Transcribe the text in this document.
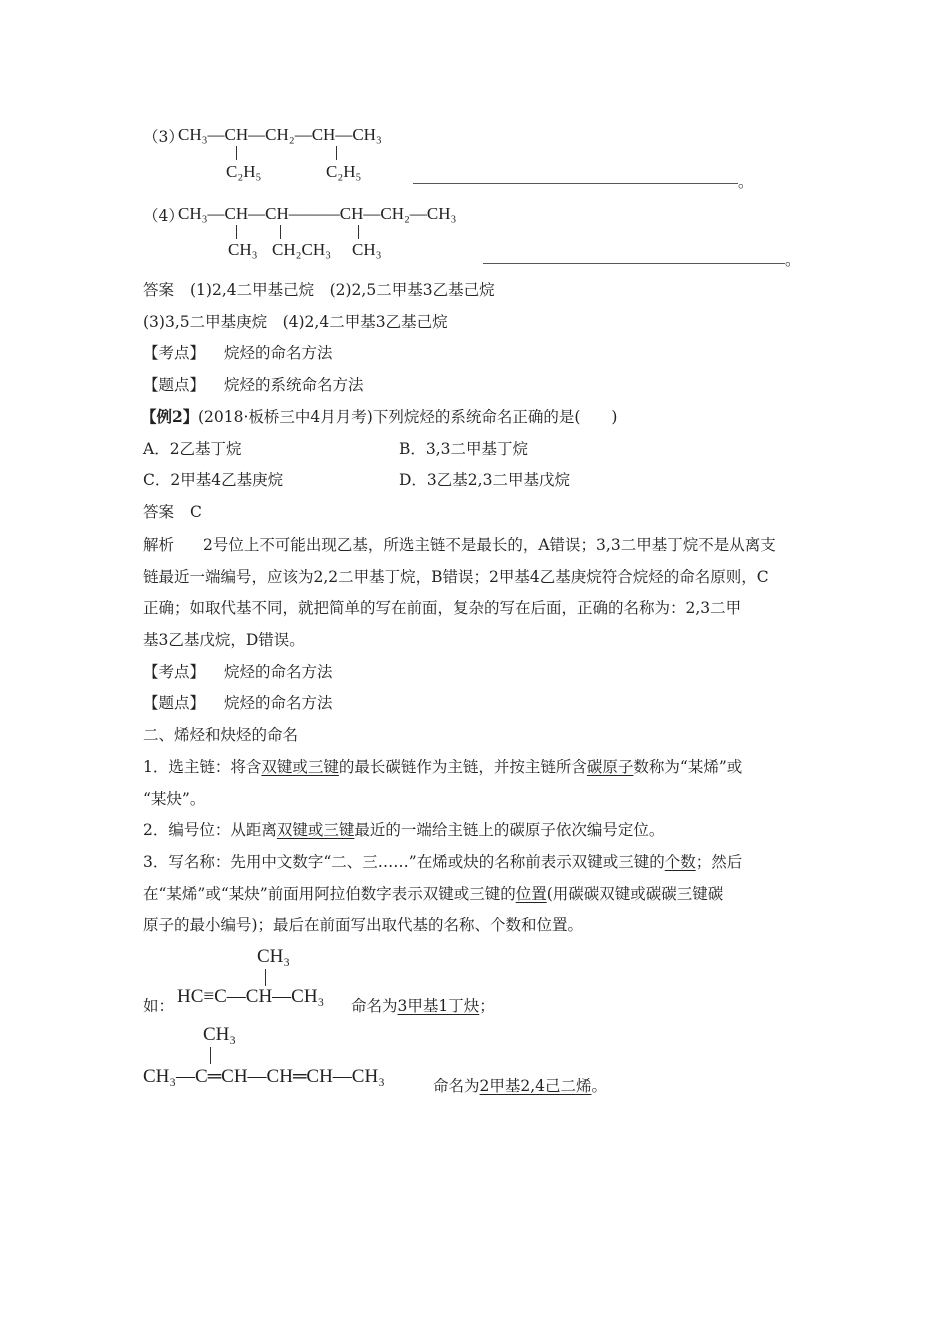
（3）
CH₃—CH—CH₂—CH—CH₃
C₂H₅	C₂H₅
。
（4）
CH₃—CH—CH———CH—CH₂—CH₃
CH₃ CH₂CH₃ CH₃
。
答案 (1)2,4二甲基己烷　(2)2,5二甲基3乙基己烷
(3)3,5二甲基庚烷　(4)2,4二甲基3乙基己烷
【考点】 烷烃的命名方法
【题点】 烷烃的系统命名方法
【例2】 (2018·板桥三中4月月考)下列烷烃的系统命名正确的是(　　)
A．2乙基丁烷	B．3,3二甲基丁烷
C．2甲基4乙基庚烷	D．3乙基2,3二甲基戊烷
答案 C
解析 2号位上不可能出现乙基，所选主链不是最长的，A错误；3,3二甲基丁烷不是从离支
链最近一端编号，应该为2,2二甲基丁烷，B错误；2甲基4乙基庚烷符合烷烃的命名原则，C
正确；如取代基不同，就把简单的写在前面，复杂的写在后面，正确的名称为：2,3二甲
基3乙基戊烷，D错误。
【考点】 烷烃的命名方法
【题点】 烷烃的命名方法
二、烯烃和炔烃的命名
1．选主链：将含双键或三键的最长碳链作为主链，并按主链所含碳原子数称为“某烯”或
“某炔”。
2．编号位：从距离双键或三键最近的一端给主链上的碳原子依次编号定位。
3．写名称：先用中文数字“二、三……”在烯或炔的名称前表示双键或三键的个数；然后
在“某烯”或“某炔”前面用阿拉伯数字表示双键或三键的位置(用碳碳双键或碳碳三键碳
原子的最小编号)；最后在前面写出取代基的名称、个数和位置。
CH₃
如： HC≡C—CH—CH₃ 命名为3甲基1丁炔；
CH₃
CH₃—C═CH—CH═CH—CH₃	命名为2甲基2,4己二烯。
